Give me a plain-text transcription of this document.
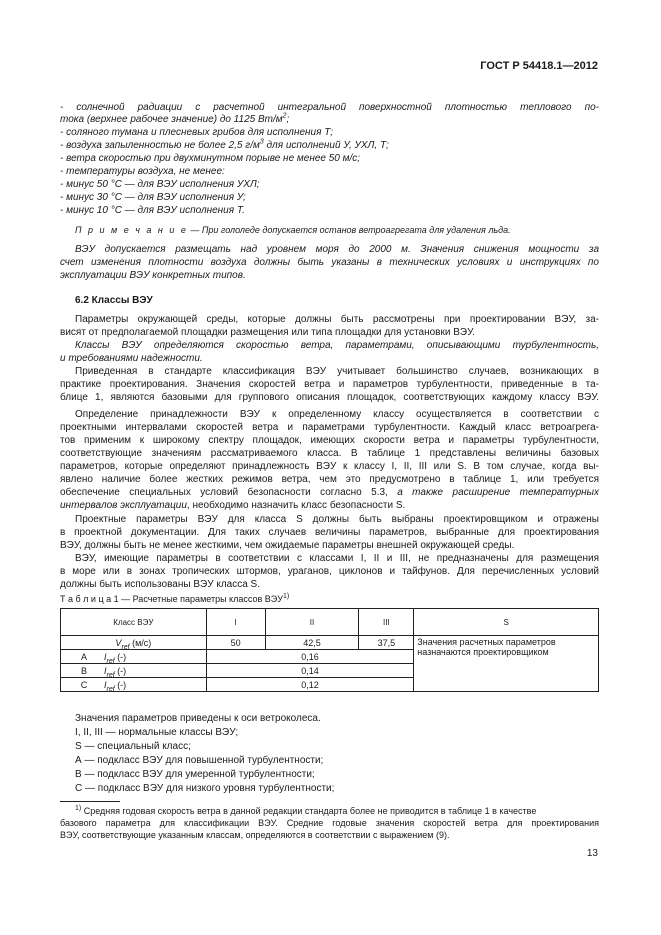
ГОСТ Р 54418.1—2012
- солнечной радиации с расчетной интегральной поверхностной плотностью теплового по-
тока (верхнее рабочее значение) до 1125 $Вт/м^2$;
- соляного тумана и плесневых грибов для исполнения Т;
- воздуха запыленностью не более 2,5 $г/м^3$ для исполнений У, УХЛ, Т;
- ветра скоростью при двухминутном порыве не менее 50 м/с;
- температуры воздуха, не менее:
- минус 50 °С — для ВЭУ исполнения УХЛ;
- минус 30 °С — для ВЭУ исполнения У;
- минус 10 °С — для ВЭУ исполнения Т.
П р и м е ч а н и е — При гололеде допускается останов ветроагрегата для удаления льда.
ВЭУ допускается размещать над уровнем моря до 2000 м. Значения снижения мощности за
счет изменения плотности воздуха должны быть указаны в технических условиях и инструкциях по
эксплуатации ВЭУ конкретных типов.
6.2 Классы ВЭУ
Параметры окружающей среды, которые должны быть рассмотрены при проектировании ВЭУ, за-
висят от предполагаемой площадки размещения или типа площадки для установки ВЭУ.
Классы ВЭУ определяются скоростью ветра, параметрами, описывающими турбулентность,
и требованиями надежности.
Приведенная в стандарте классификация ВЭУ учитывает большинство случаев, возникающих в
практике проектирования. Значения скоростей ветра и параметров турбулентности, приведенные в та-
блице 1, являются базовыми для группового описания площадок, соответствующих каждому классу ВЭУ.
Определение принадлежности ВЭУ к определенному классу осуществляется в соответствии с
проектными интервалами скоростей ветра и параметрами турбулентности. Каждый класс ветроагрега-
тов применим к широкому спектру площадок, имеющих скорости ветра и параметры турбулентности,
соответствующие значениям рассматриваемого класса. В таблице 1 представлены величины базовых
параметров, которые определяют принадлежность ВЭУ к классу I, II, III или S. В том случае, когда вы-
явлено наличие более жестких режимов ветра, чем это предусмотрено в таблице 1, или требуется
обеспечение специальных условий безопасности согласно 5.3, а также расширение температурных
интервалов эксплуатации, необходимо назначить класс безопасности S.
Проектные параметры ВЭУ для класса S должны быть выбраны проектировщиком и отражены
в проектной документации. Для таких случаев величины параметров, выбранные для проектирования
ВЭУ, должны быть не менее жесткими, чем ожидаемые параметры внешней окружающей среды.
ВЭУ, имеющие параметры в соответствии с классами I, II и III, не предназначены для размещения
в море или в зонах тропических штормов, ураганов, циклонов и тайфунов. Для перечисленных условий
должны быть использованы ВЭУ класса S.
Т а б л и ц а 1 — Расчетные параметры классов ВЭУ$^{1)}$
Класс ВЭУ	I	II	III	S
$V_{ref}$ (м/с)	50	42,5	37,5	Значения расчетных параметров
назначаются проектировщиком

A $I_{ref}$ (-)	0,16			

B $I_{ref}$ (-)	0,14			

C $I_{ref}$ (-)	0,12			
Значения параметров приведены к оси ветроколеса.
I, II, III — нормальные классы ВЭУ;
S — специальный класс;
А — подкласс ВЭУ для повышенной турбулентности;
В — подкласс ВЭУ для умеренной турбулентности;
С — подкласс ВЭУ для низкого уровня турбулентности;
$^{1)}$ Средняя годовая скорость ветра в данной редакции стандарта более не приводится в таблице 1 в качестве
базового параметра для классификации ВЭУ. Средние годовые значения скоростей ветра для проектирования
ВЭУ, соответствующие указанным классам, определяются в соответствии с выражением (9).
13
